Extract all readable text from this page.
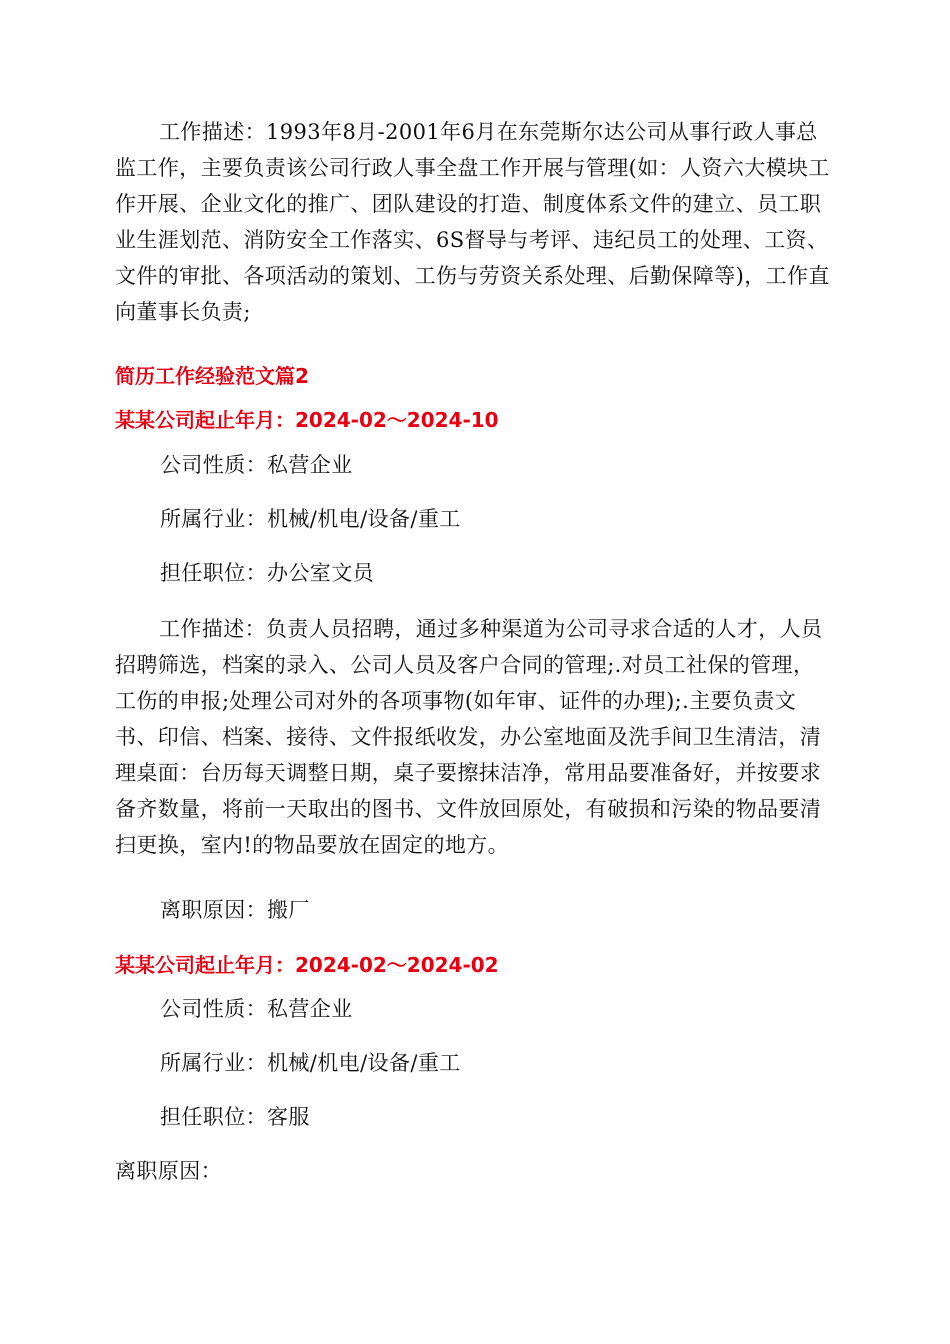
工作描述：1993年8月-2001年6月在东莞斯尔达公司从事行政人事总监工作，主要负责该公司行政人事全盘工作开展与管理(如：人资六大模块工作开展、企业文化的推广、团队建设的打造、制度体系文件的建立、员工职业生涯划范、消防安全工作落实、6S督导与考评、违纪员工的处理、工资、文件的审批、各项活动的策划、工伤与劳资关系处理、后勤保障等)，工作直向董事长负责;

简历工作经验范文篇2
某某公司起止年月：2024-02～2024-10
公司性质：私营企业
所属行业：机械/机电/设备/重工
担任职位：办公室文员

工作描述：负责人员招聘，通过多种渠道为公司寻求合适的人才，人员招聘筛选，档案的录入、公司人员及客户合同的管理;.对员工社保的管理，工伤的申报;处理公司对外的各项事物(如年审、证件的办理);.主要负责文书、印信、档案、接待、文件报纸收发，办公室地面及洗手间卫生清洁，清理桌面：台历每天调整日期，桌子要擦抹洁净，常用品要准备好，并按要求备齐数量，将前一天取出的图书、文件放回原处，有破损和污染的物品要清扫更换，室内!的物品要放在固定的地方。

离职原因：搬厂
某某公司起止年月：2024-02～2024-02
公司性质：私营企业
所属行业：机械/机电/设备/重工
担任职位：客服
离职原因：
